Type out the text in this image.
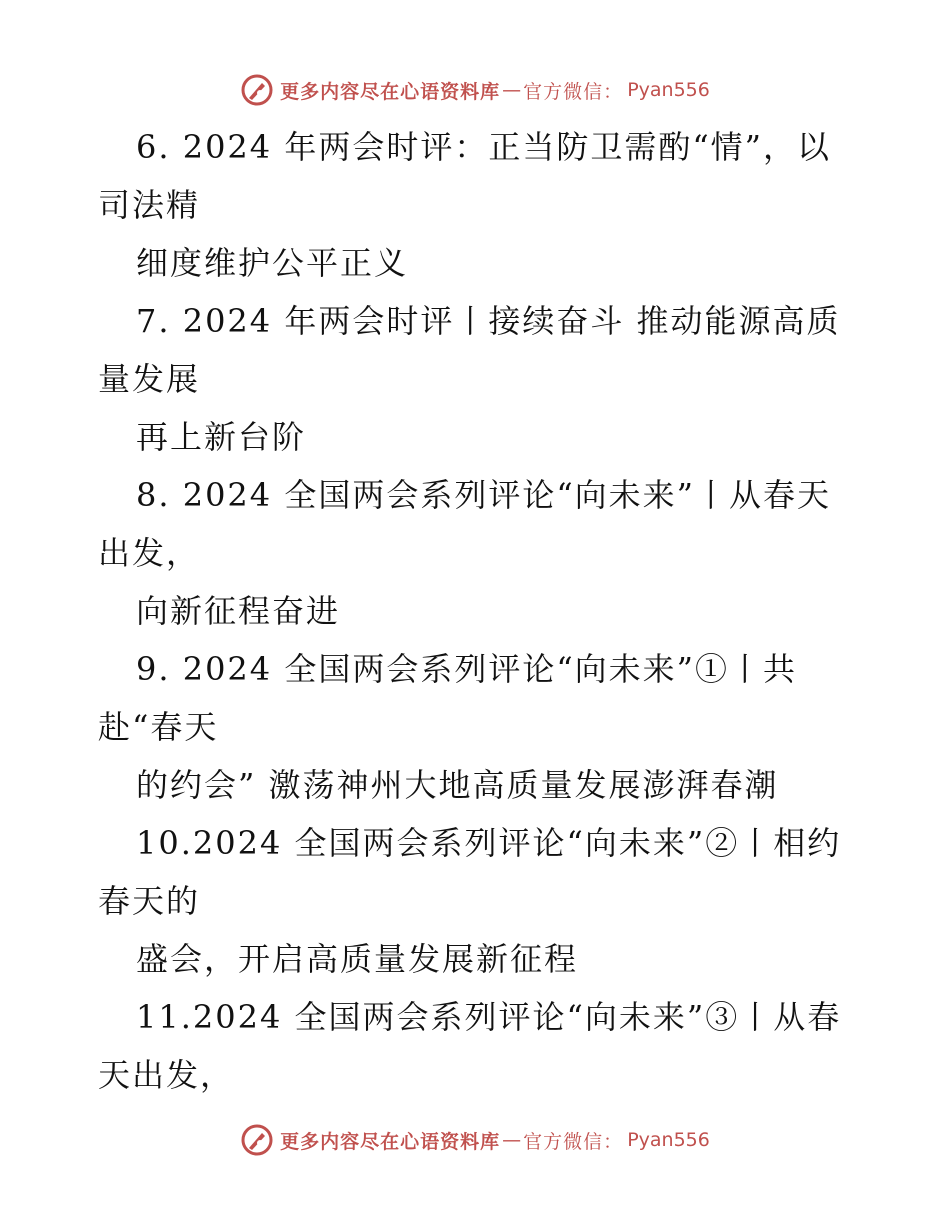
更多内容尽在心语资料库 — 官方微信： Pyan556
6. 2024 年两会时评：正当防卫需酌“情”，以
司法精
细度维护公平正义
7. 2024 年两会时评丨接续奋斗 推动能源高质
量发展
再上新台阶
8. 2024 全国两会系列评论“向未来”丨从春天
出发，
向新征程奋进
9. 2024 全国两会系列评论“向未来”①丨共
赴“春天
的约会” 激荡神州大地高质量发展澎湃春潮
10.2024 全国两会系列评论“向未来”②丨相约
春天的
盛会，开启高质量发展新征程
11.2024 全国两会系列评论“向未来”③丨从春
天出发，
更多内容尽在心语资料库 — 官方微信： Pyan556
